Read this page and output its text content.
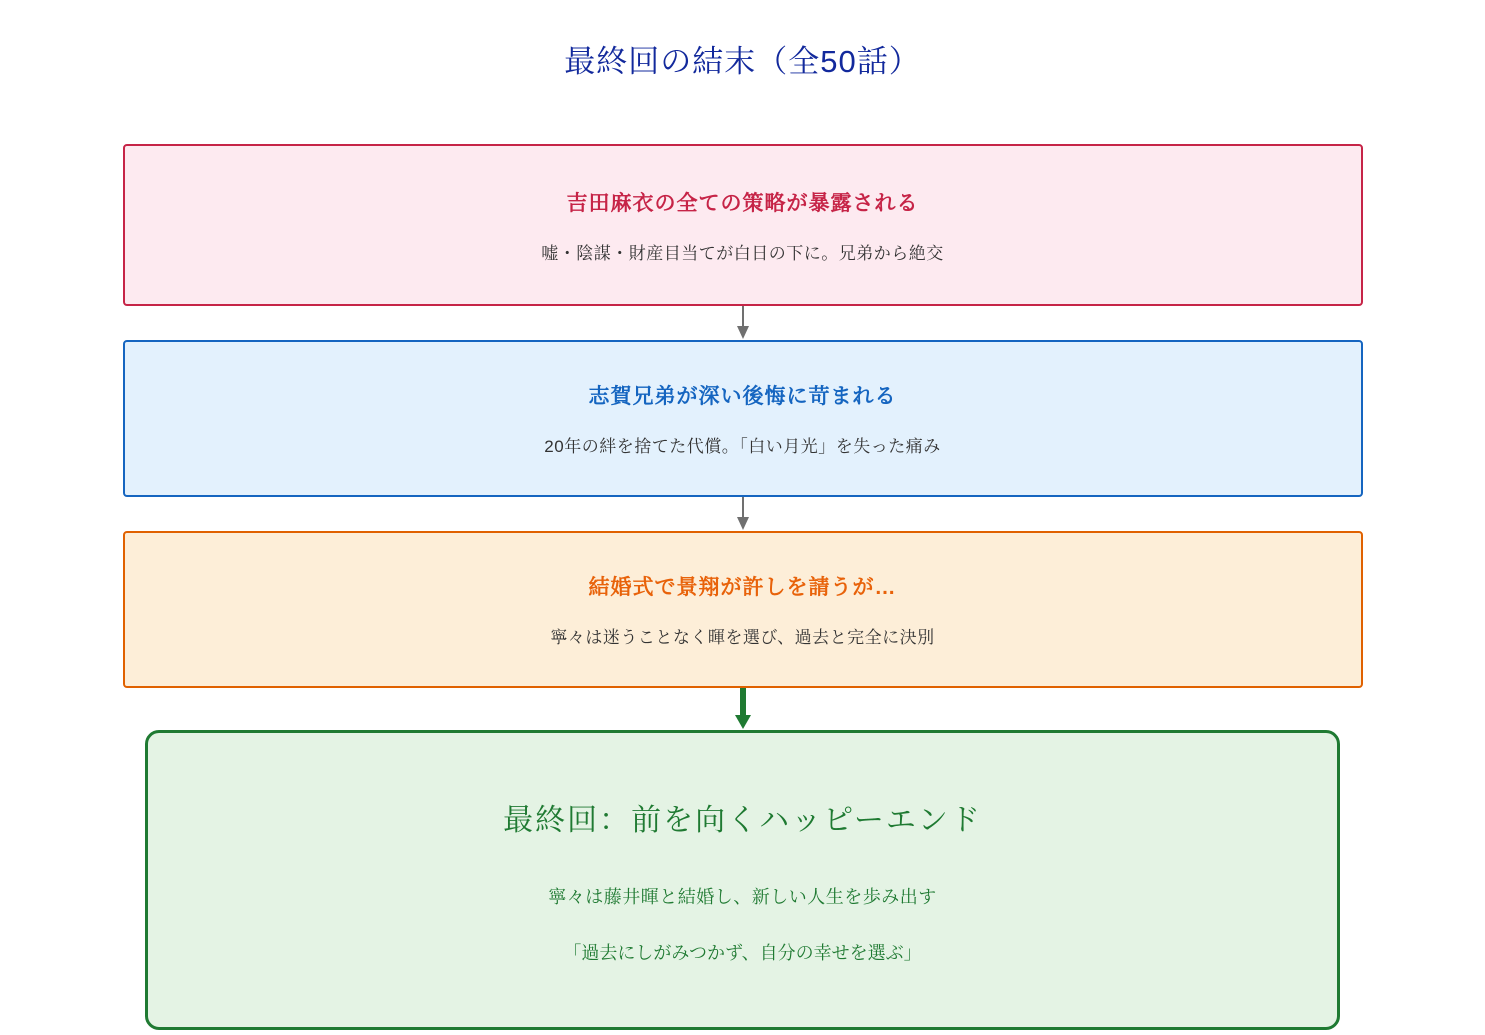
最終回の結末（全50話）
吉田麻衣の全ての策略が暴露される
嘘・陰謀・財産目当てが白日の下に。兄弟から絶交
志賀兄弟が深い後悔に苛まれる
20年の絆を捨てた代償。「白い月光」を失った痛み
結婚式で景翔が許しを請うが…
寧々は迷うことなく暉を選び、過去と完全に決別
最終回：前を向くハッピーエンド
寧々は藤井暉と結婚し、新しい人生を歩み出す
「過去にしがみつかず、自分の幸せを選ぶ」
